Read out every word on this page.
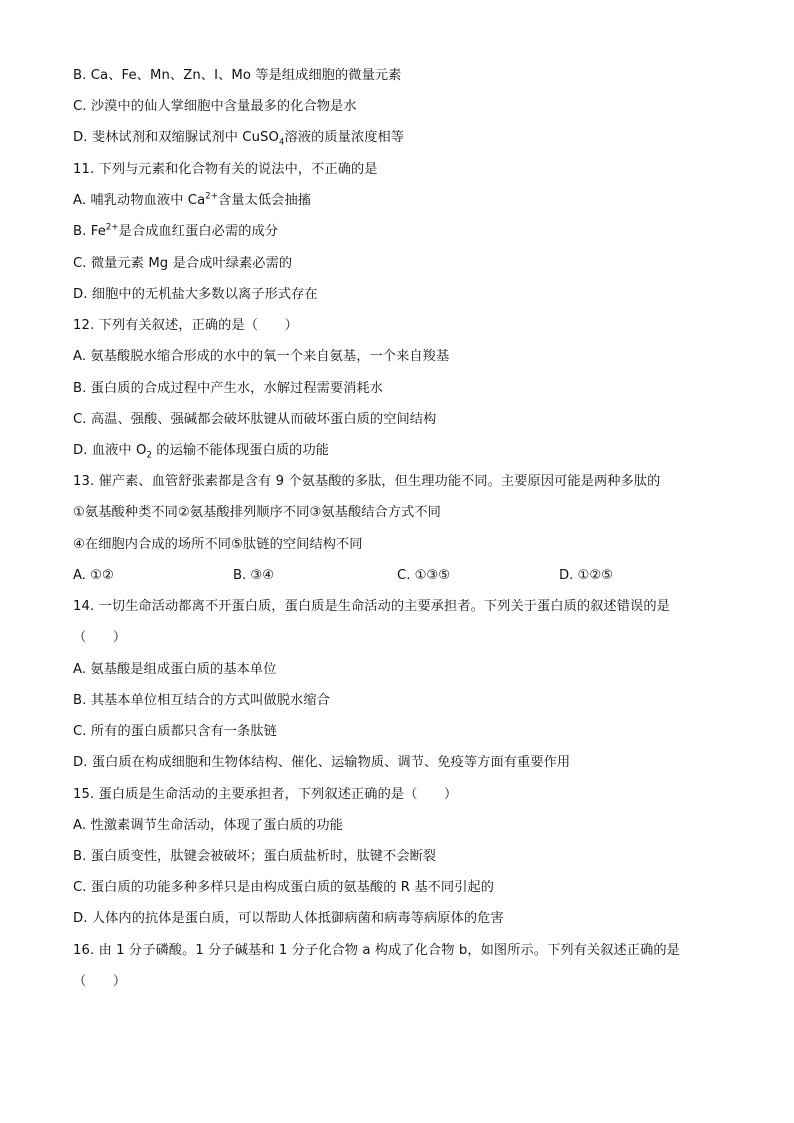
B. Ca、Fe、Mn、Zn、I、Mo 等是组成细胞的微量元素
C. 沙漠中的仙人掌细胞中含量最多的化合物是水
D. 斐林试剂和双缩脲试剂中 CuSO$_4$溶液的质量浓度相等
11. 下列与元素和化合物有关的说法中，不正确的是
A. 哺乳动物血液中 $Ca^{2+}$含量太低会抽搐
B. $Fe^{2+}$是合成血红蛋白必需的成分
C. 微量元素 Mg 是合成叶绿素必需的
D. 细胞中的无机盐大多数以离子形式存在
12. 下列有关叙述，正确的是（　　）
A. 氨基酸脱水缩合形成的水中的氧一个来自氨基，一个来自羧基
B. 蛋白质的合成过程中产生水，水解过程需要消耗水
C. 高温、强酸、强碱都会破坏肽键从而破坏蛋白质的空间结构
D. 血液中 $O_2$ 的运输不能体现蛋白质的功能
13. 催产素、血管舒张素都是含有 9 个氨基酸的多肽，但生理功能不同。主要原因可能是两种多肽的
①氨基酸种类不同②氨基酸排列顺序不同③氨基酸结合方式不同
④在细胞内合成的场所不同⑤肽链的空间结构不同
A. ①②	B. ③④	C. ①③⑤	D. ①②⑤
14. 一切生命活动都离不开蛋白质，蛋白质是生命活动的主要承担者。下列关于蛋白质的叙述错误的是
（　　）
A. 氨基酸是组成蛋白质的基本单位
B. 其基本单位相互结合的方式叫做脱水缩合
C. 所有的蛋白质都只含有一条肽链
D. 蛋白质在构成细胞和生物体结构、催化、运输物质、调节、免疫等方面有重要作用
15. 蛋白质是生命活动的主要承担者，下列叙述正确的是（　　）
A. 性激素调节生命活动，体现了蛋白质的功能
B. 蛋白质变性，肽键会被破坏；蛋白质盐析时，肽键不会断裂
C. 蛋白质的功能多种多样只是由构成蛋白质的氨基酸的 R 基不同引起的
D. 人体内的抗体是蛋白质，可以帮助人体抵御病菌和病毒等病原体的危害
16. 由 1 分子磷酸。1 分子碱基和 1 分子化合物 a 构成了化合物 b，如图所示。下列有关叙述正确的是
（　　）
